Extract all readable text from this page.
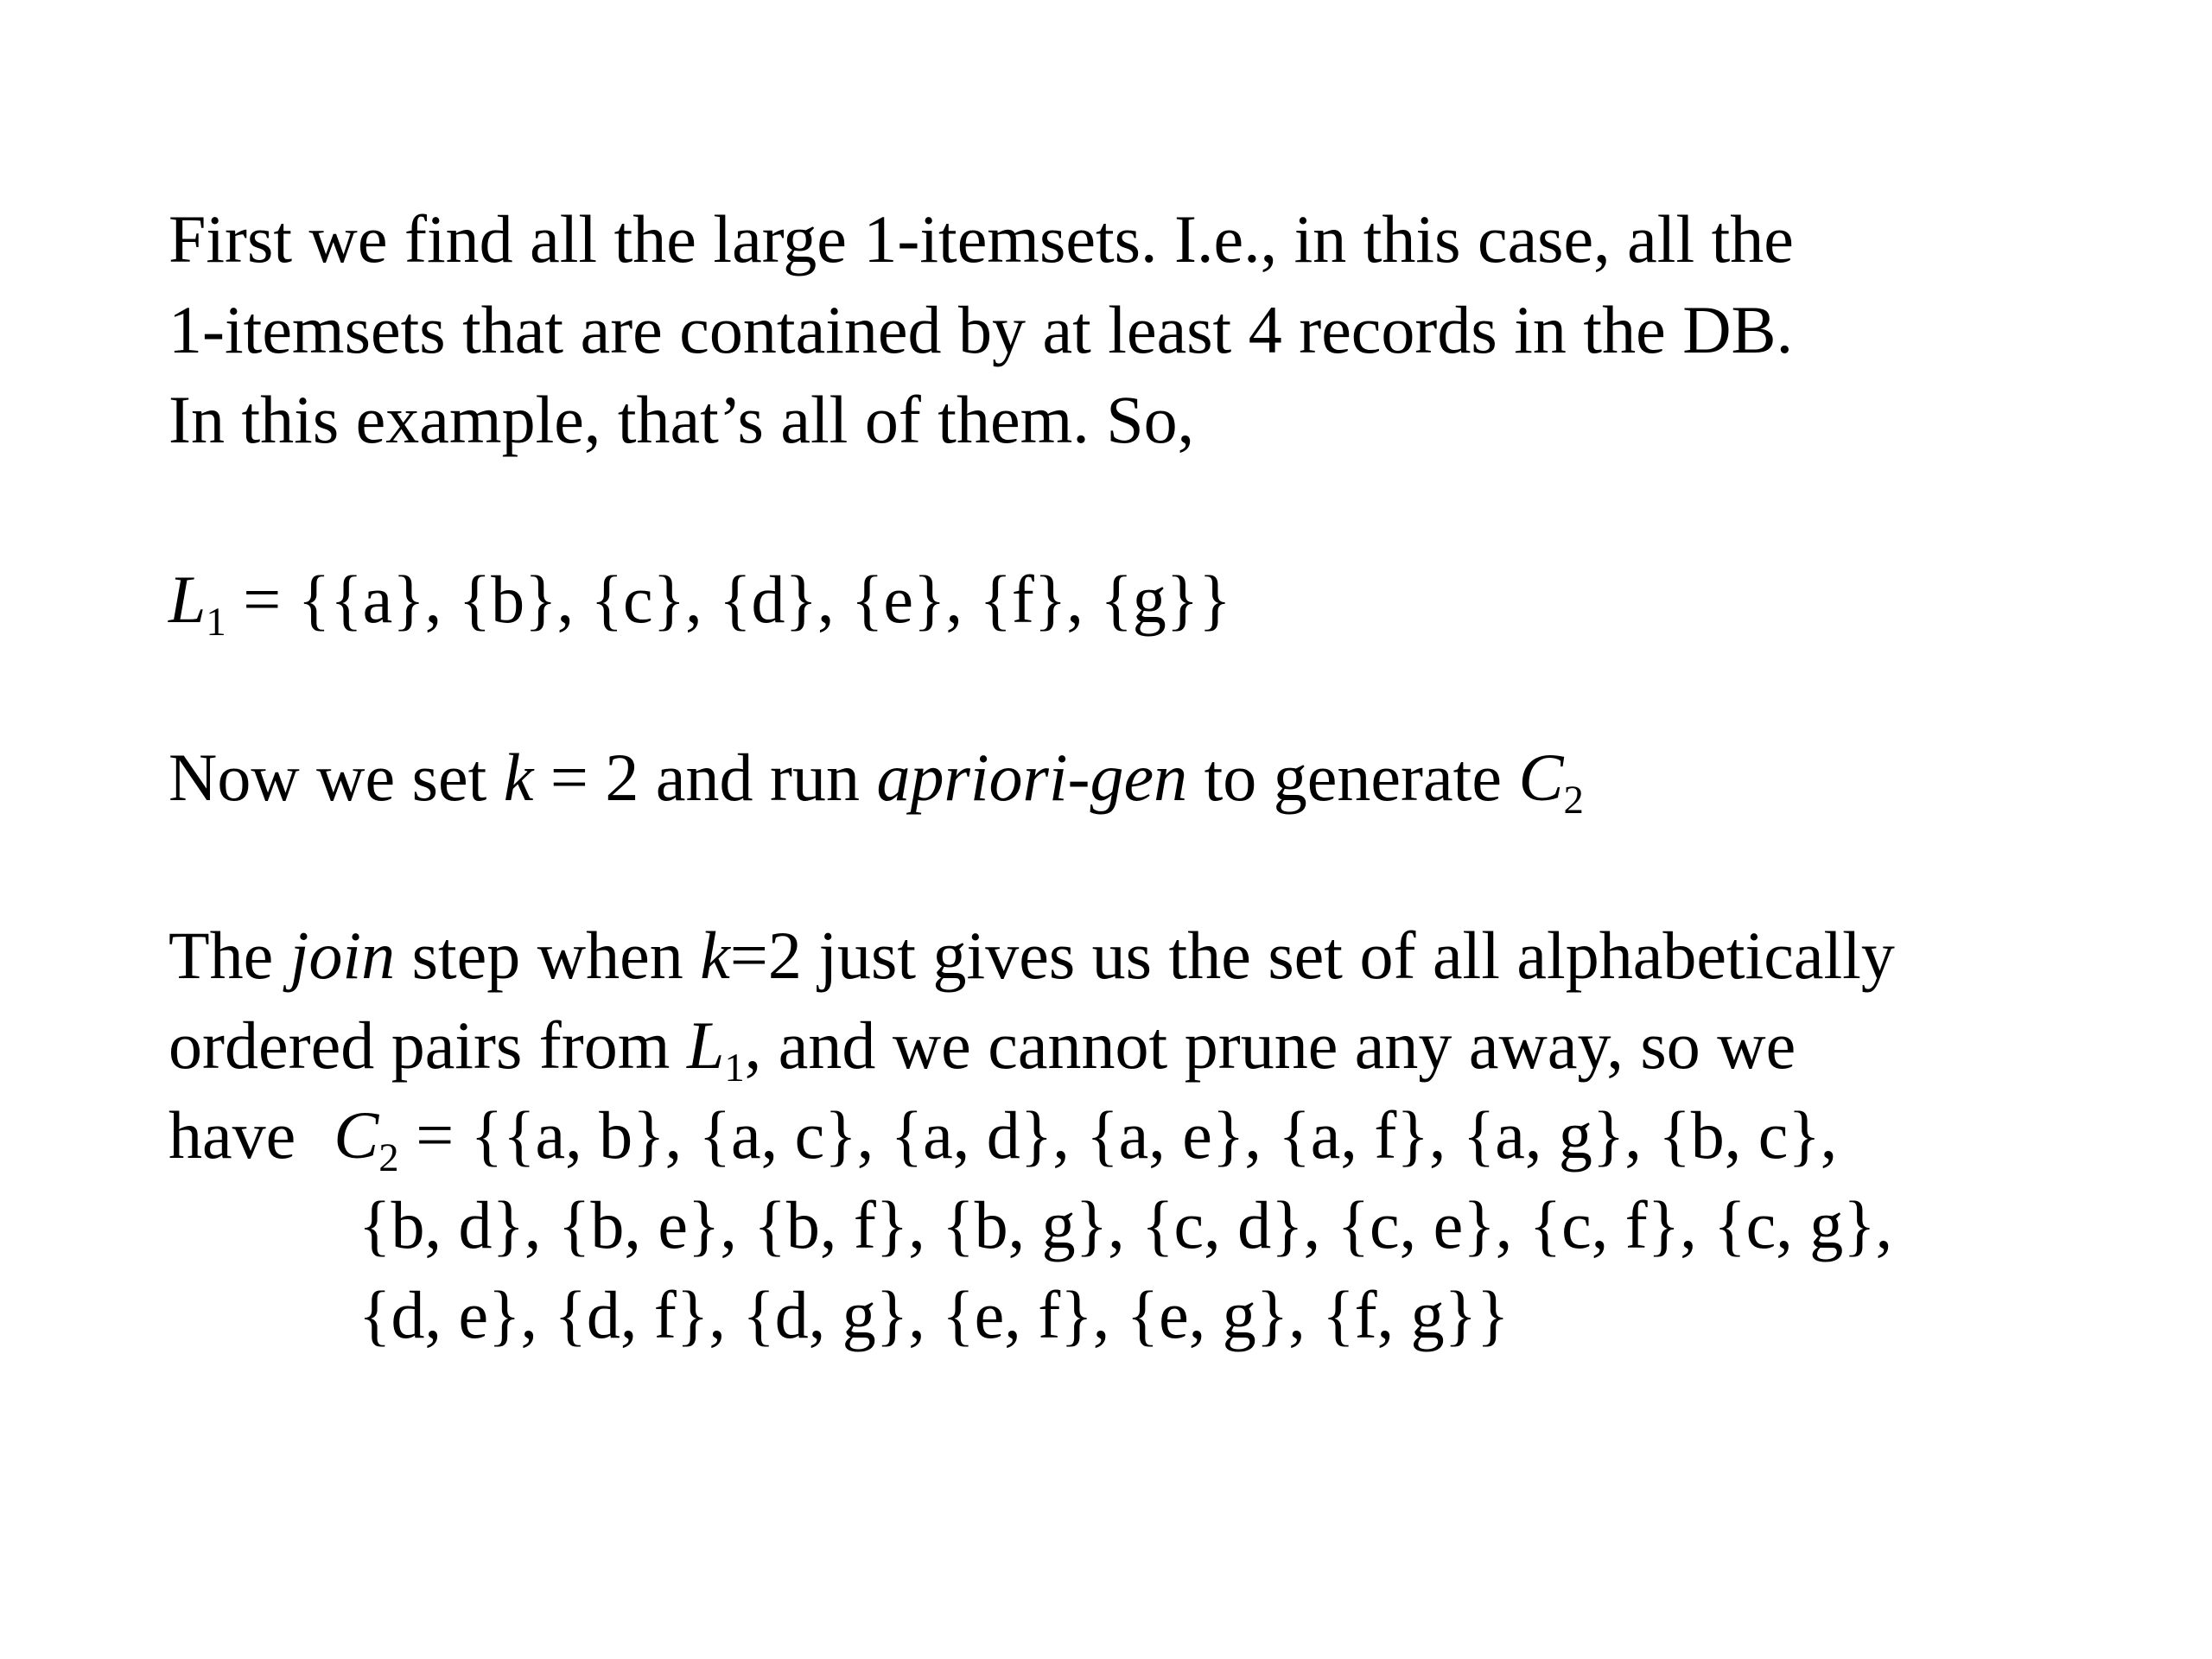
First we find all the large 1-itemsets. I.e., in this case, all the
1-itemsets that are contained by at least 4 records in the DB.
In this example, that’s all of them. So,
$L_1 = \{\{a\}$, {b}, {c}, {d}, {e}, {f}, {g}}
Now we set k = 2 and run apriori-gen to generate $C_2$
The join step when k=2 just gives us the set of all alphabetically
ordered pairs from $L_1$, and we cannot prune any away, so we
have $C_2 = \{\{a$, b}, {a, c}, {a, d}, {a, e}, {a, f}, {a, g}, {b, c},
{b, d}, {b, e}, {b, f}, {b, g}, {c, d}, {c, e}, {c, f}, {c, g},
{d, e}, {d, f}, {d, g}, {e, f}, {e, g}, {f, g}}
